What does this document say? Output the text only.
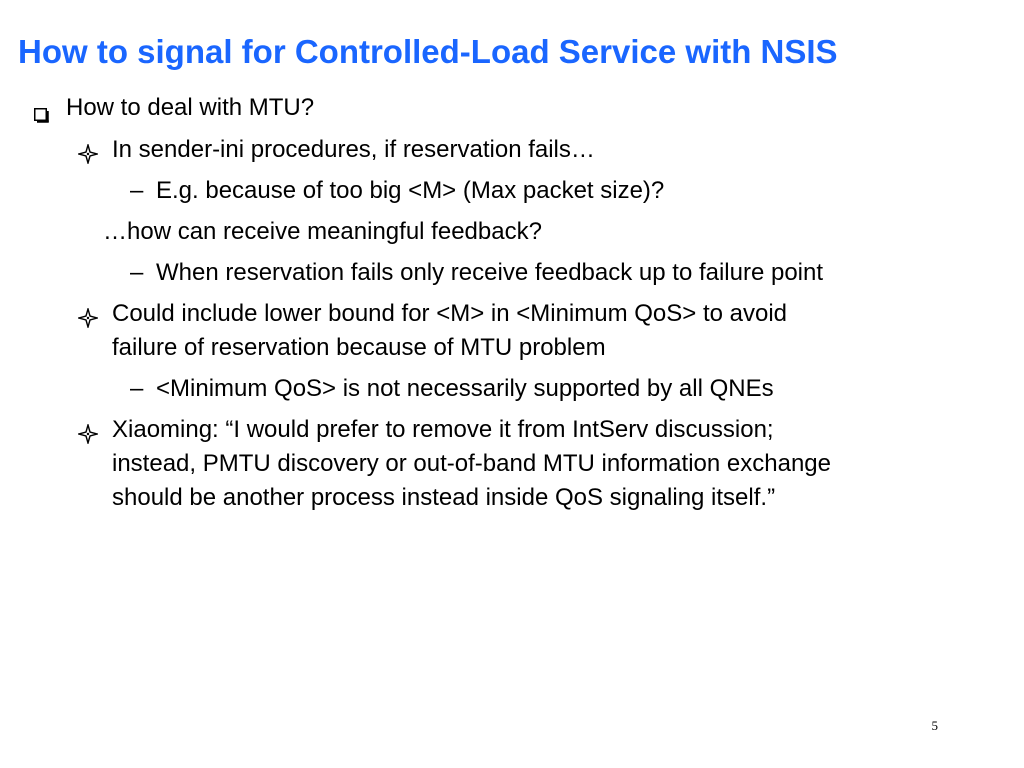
How to signal for Controlled-Load Service with NSIS
How to deal with MTU?
In sender-ini procedures, if reservation fails…
– E.g. because of too big <M> (Max packet size)?
…how can receive meaningful feedback?
– When reservation fails only receive feedback up to failure point
Could include lower bound for <M> in <Minimum QoS> to avoid
failure of reservation because of MTU problem
– <Minimum QoS> is not necessarily supported by all QNEs
Xiaoming: “I would prefer to remove it from IntServ discussion;
instead, PMTU discovery or out-of-band MTU information exchange
should be another process instead inside QoS signaling itself.”
5
